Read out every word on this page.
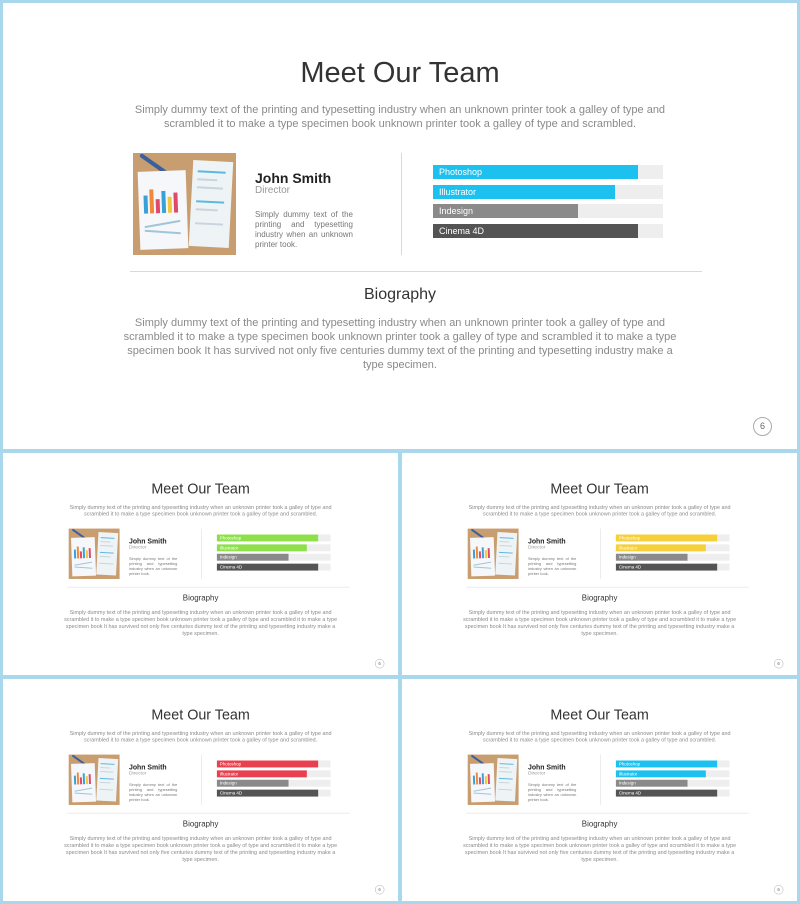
Meet Our Team

Simply dummy text of the printing and typesetting industry when an unknown printer took a galley of type and scrambled it to make a type specimen book unknown printer took a galley of type and scrambled.

John Smith

Director

Simply dummy text of the printing and typesetting industry when an unknown printer took.

Photoshop
Illustrator
Indesign
Cinema 4D
Biography

Simply dummy text of the printing and typesetting industry when an unknown printer took a galley of type and scrambled it to make a type specimen book unknown printer took a galley of type and scrambled it to make a type specimen book It has survived not only five centuries dummy text of the printing and typesetting industry make a type specimen.

6
Meet Our Team

Simply dummy text of the printing and typesetting industry when an unknown printer took a galley of type and scrambled it to make a type specimen book unknown printer took a galley of type and scrambled.

John Smith

Director

Simply dummy text of the printing and typesetting industry when an unknown printer took.

Photoshop
Illustrator
Indesign
Cinema 4D
Biography

Simply dummy text of the printing and typesetting industry when an unknown printer took a galley of type and scrambled it to make a type specimen book unknown printer took a galley of type and scrambled it to make a type specimen book It has survived not only five centuries dummy text of the printing and typesetting industry make a type specimen.

6
Meet Our Team

Simply dummy text of the printing and typesetting industry when an unknown printer took a galley of type and scrambled it to make a type specimen book unknown printer took a galley of type and scrambled.

John Smith

Director

Simply dummy text of the printing and typesetting industry when an unknown printer took.

Photoshop
Illustrator
Indesign
Cinema 4D
Biography

Simply dummy text of the printing and typesetting industry when an unknown printer took a galley of type and scrambled it to make a type specimen book unknown printer took a galley of type and scrambled it to make a type specimen book It has survived not only five centuries dummy text of the printing and typesetting industry make a type specimen.

6
Meet Our Team

Simply dummy text of the printing and typesetting industry when an unknown printer took a galley of type and scrambled it to make a type specimen book unknown printer took a galley of type and scrambled.

John Smith

Director

Simply dummy text of the printing and typesetting industry when an unknown printer took.

Photoshop
Illustrator
Indesign
Cinema 4D
Biography

Simply dummy text of the printing and typesetting industry when an unknown printer took a galley of type and scrambled it to make a type specimen book unknown printer took a galley of type and scrambled it to make a type specimen book It has survived not only five centuries dummy text of the printing and typesetting industry make a type specimen.

6
Meet Our Team

Simply dummy text of the printing and typesetting industry when an unknown printer took a galley of type and scrambled it to make a type specimen book unknown printer took a galley of type and scrambled.

John Smith

Director

Simply dummy text of the printing and typesetting industry when an unknown printer took.

Photoshop
Illustrator
Indesign
Cinema 4D
Biography

Simply dummy text of the printing and typesetting industry when an unknown printer took a galley of type and scrambled it to make a type specimen book unknown printer took a galley of type and scrambled it to make a type specimen book It has survived not only five centuries dummy text of the printing and typesetting industry make a type specimen.

6
